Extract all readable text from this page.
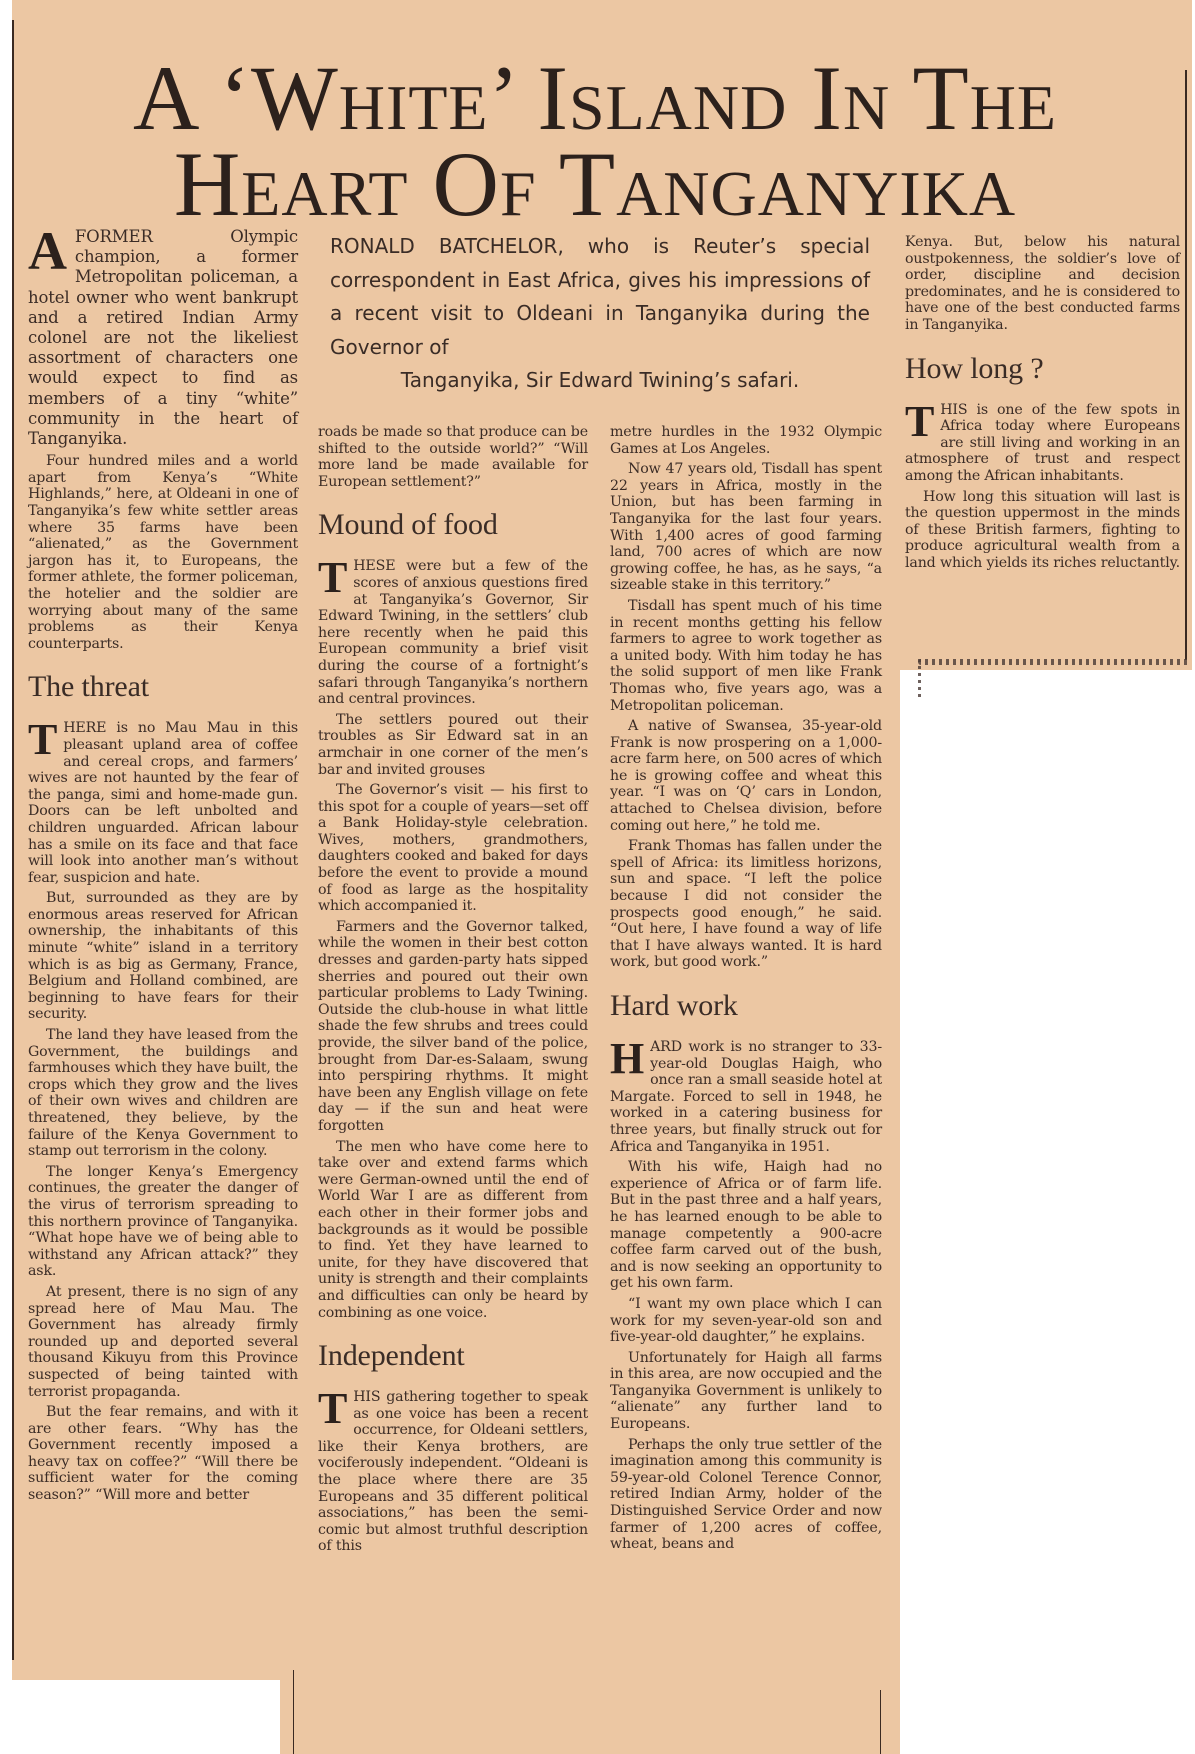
A ‘White’ Island In The
Heart Of Tanganyika
RONALD BATCHELOR, who is Reuter’s special correspondent in East Africa, gives his impressions of a recent visit to Oldeani in Tanganyika during the Governor of
Tanganyika, Sir Edward Twining’s safari.

AFORMER Olympic champion, a former Metropolitan policeman, a hotel owner who went bankrupt and a retired Indian Army colonel are not the likeliest assortment of characters one would expect to find as members of a tiny “white” community in the heart of Tanganyika.

Four hundred miles and a world apart from Kenya’s “White Highlands,” here, at Oldeani in one of Tanganyika’s few white settler areas where 35 farms have been “alienated,” as the Government jargon has it, to Europeans, the former athlete, the former policeman, the hotelier and the soldier are worrying about many of the same problems as their Kenya counterparts.

The threat

THERE is no Mau Mau in this pleasant upland area of coffee and cereal crops, and farmers’ wives are not haunted by the fear of the panga, simi and home-made gun. Doors can be left unbolted and children unguarded. African labour has a smile on its face and that face will look into another man’s without fear, suspicion and hate.

But, surrounded as they are by enormous areas reserved for African ownership, the inhabitants of this minute “white” island in a territory which is as big as Germany, France, Belgium and Holland combined, are beginning to have fears for their security.

The land they have leased from the Government, the buildings and farmhouses which they have built, the crops which they grow and the lives of their own wives and children are threatened, they believe, by the failure of the Kenya Government to stamp out terrorism in the colony.

The longer Kenya’s Emergency continues, the greater the danger of the virus of terrorism spreading to this northern province of Tanganyika. “What hope have we of being able to withstand any African attack?” they ask.

At present, there is no sign of any spread here of Mau Mau. The Government has already firmly rounded up and deported several thousand Kikuyu from this Province suspected of being tainted with terrorist propaganda.

But the fear remains, and with it are other fears. “Why has the Government recently imposed a heavy tax on coffee?” “Will there be sufficient water for the coming season?” “Will more and better

roads be made so that produce can be shifted to the outside world?” “Will more land be made available for European settlement?”

Mound of food

THESE were but a few of the scores of anxious questions fired at Tanganyika’s Governor, Sir Edward Twining, in the settlers’ club here recently when he paid this European community a brief visit during the course of a fortnight’s safari through Tanganyika’s northern and central provinces.

The settlers poured out their troubles as Sir Edward sat in an armchair in one corner of the men’s bar and invited grouses

The Governor’s visit — his first to this spot for a couple of years—set off a Bank Holiday-style celebration. Wives, mothers, grandmothers, daughters cooked and baked for days before the event to provide a mound of food as large as the hospitality which accompanied it.

Farmers and the Governor talked, while the women in their best cotton dresses and garden-party hats sipped sherries and poured out their own particular problems to Lady Twining. Outside the club-house in what little shade the few shrubs and trees could provide, the silver band of the police, brought from Dar-es-Salaam, swung into perspiring rhythms. It might have been any English village on fete day — if the sun and heat were forgotten

The men who have come here to take over and extend farms which were German-owned until the end of World War I are as different from each other in their former jobs and backgrounds as it would be possible to find. Yet they have learned to unite, for they have discovered that unity is strength and their complaints and difficulties can only be heard by combining as one voice.

Independent

THIS gathering together to speak as one voice has been a recent occurrence, for Oldeani settlers, like their Kenya brothers, are vociferously independent. “Oldeani is the place where there are 35 Europeans and 35 different political associations,” has been the semi-comic but almost truthful description of this

metre hurdles in the 1932 Olympic Games at Los Angeles.

Now 47 years old, Tisdall has spent 22 years in Africa, mostly in the Union, but has been farming in Tanganyika for the last four years. With 1,400 acres of good farming land, 700 acres of which are now growing coffee, he has, as he says, “a sizeable stake in this territory.”

Tisdall has spent much of his time in recent months getting his fellow farmers to agree to work together as a united body. With him today he has the solid support of men like Frank Thomas who, five years ago, was a Metropolitan policeman.

A native of Swansea, 35-year-old Frank is now prospering on a 1,000-acre farm here, on 500 acres of which he is growing coffee and wheat this year. “I was on ‘Q’ cars in London, attached to Chelsea division, before coming out here,” he told me.

Frank Thomas has fallen under the spell of Africa: its limitless horizons, sun and space. “I left the police because I did not consider the prospects good enough,” he said. “Out here, I have found a way of life that I have always wanted. It is hard work, but good work.”

Hard work

HARD work is no stranger to 33-year-old Douglas Haigh, who once ran a small seaside hotel at Margate. Forced to sell in 1948, he worked in a catering business for three years, but finally struck out for Africa and Tanganyika in 1951.

With his wife, Haigh had no experience of Africa or of farm life. But in the past three and a half years, he has learned enough to be able to manage competently a 900-acre coffee farm carved out of the bush, and is now seeking an opportunity to get his own farm.

“I want my own place which I can work for my seven-year-old son and five-year-old daughter,” he explains.

Unfortunately for Haigh all farms in this area, are now occupied and the Tanganyika Government is unlikely to “alienate” any further land to Europeans.

Perhaps the only true settler of the imagination among this community is 59-year-old Colonel Terence Connor, retired Indian Army, holder of the Distinguished Service Order and now farmer of 1,200 acres of coffee, wheat, beans and

Kenya. But, below his natural oustpokenness, the soldier’s love of order, discipline and decision predominates, and he is considered to have one of the best conducted farms in Tanganyika.

How long ?

THIS is one of the few spots in Africa today where Europeans are still living and working in an atmosphere of trust and respect among the African inhabitants.

How long this situation will last is the question uppermost in the minds of these British farmers, fighting to produce agricultural wealth from a land which yields its riches reluctantly.
